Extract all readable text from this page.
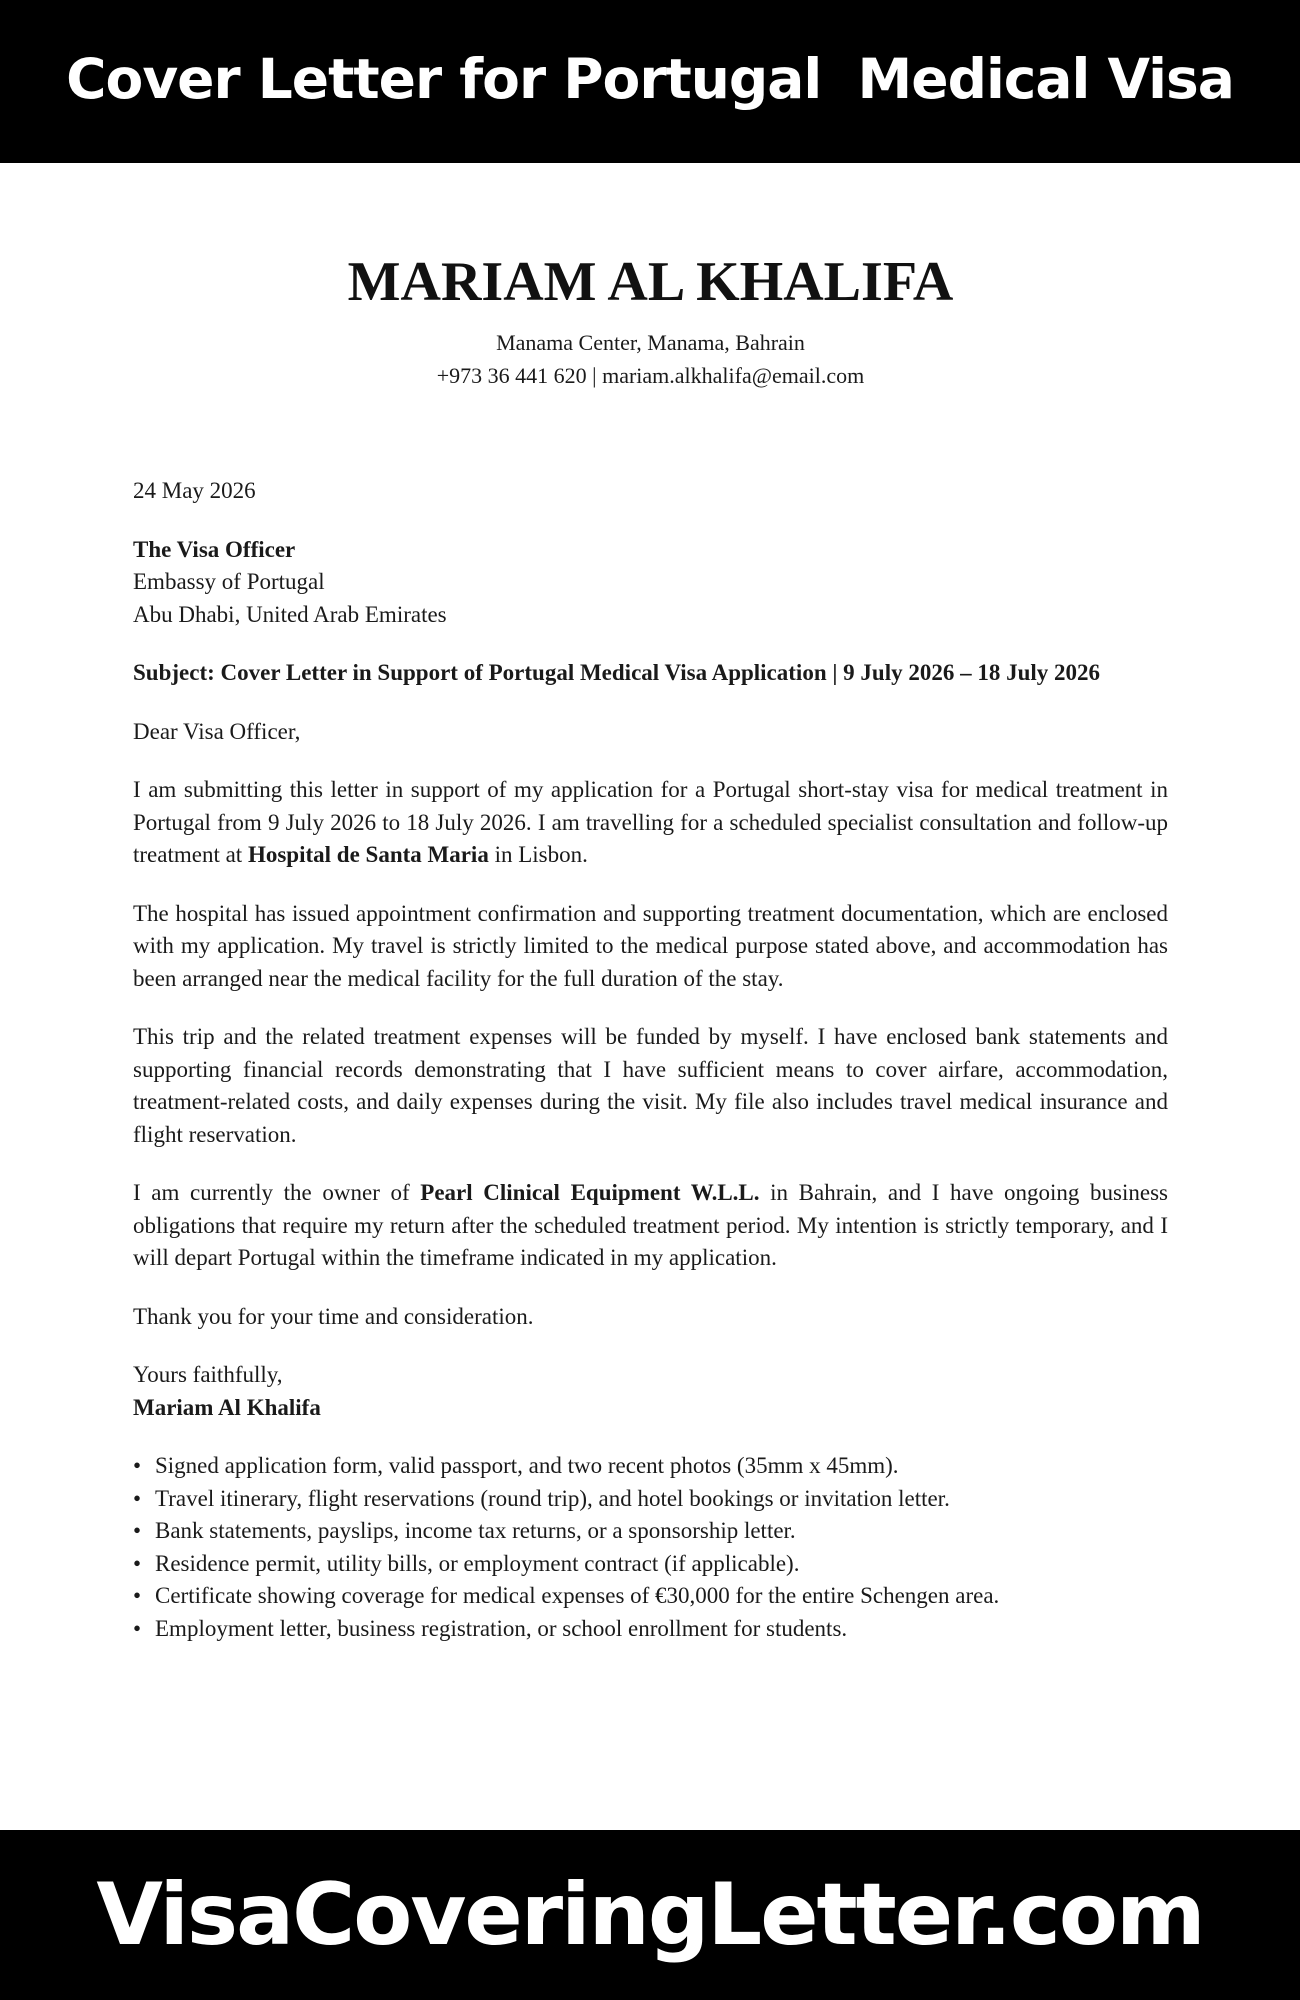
Cover Letter for Portugal  Medical Visa
MARIAM AL KHALIFA
Manama Center, Manama, Bahrain
+973 36 441 620 | mariam.alkhalifa@email.com
24 May 2026
The Visa Officer
Embassy of Portugal
Abu Dhabi, United Arab Emirates
Subject: Cover Letter in Support of Portugal Medical Visa Application | 9 July 2026 – 18 July 2026
Dear Visa Officer,
I am submitting this letter in support of my application for a Portugal short-stay visa for medical treatment in Portugal from 9 July 2026 to 18 July 2026. I am travelling for a scheduled specialist consultation and follow-up treatment at Hospital de Santa Maria in Lisbon.
The hospital has issued appointment confirmation and supporting treatment documentation, which are enclosed with my application. My travel is strictly limited to the medical purpose stated above, and accommodation has been arranged near the medical facility for the full duration of the stay.
This trip and the related treatment expenses will be funded by myself. I have enclosed bank statements and supporting financial records demonstrating that I have sufficient means to cover airfare, accommodation, treatment-related costs, and daily expenses during the visit. My file also includes travel medical insurance and flight reservation.
I am currently the owner of Pearl Clinical Equipment W.L.L. in Bahrain, and I have ongoing business obligations that require my return after the scheduled treatment period. My intention is strictly temporary, and I will depart Portugal within the timeframe indicated in my application.
Thank you for your time and consideration.
Yours faithfully,
Mariam Al Khalifa
• Signed application form, valid passport, and two recent photos (35mm x 45mm).
• Travel itinerary, flight reservations (round trip), and hotel bookings or invitation letter.
• Bank statements, payslips, income tax returns, or a sponsorship letter.
• Residence permit, utility bills, or employment contract (if applicable).
• Certificate showing coverage for medical expenses of €30,000 for the entire Schengen area.
• Employment letter, business registration, or school enrollment for students.
VisaCoveringLetter.com
